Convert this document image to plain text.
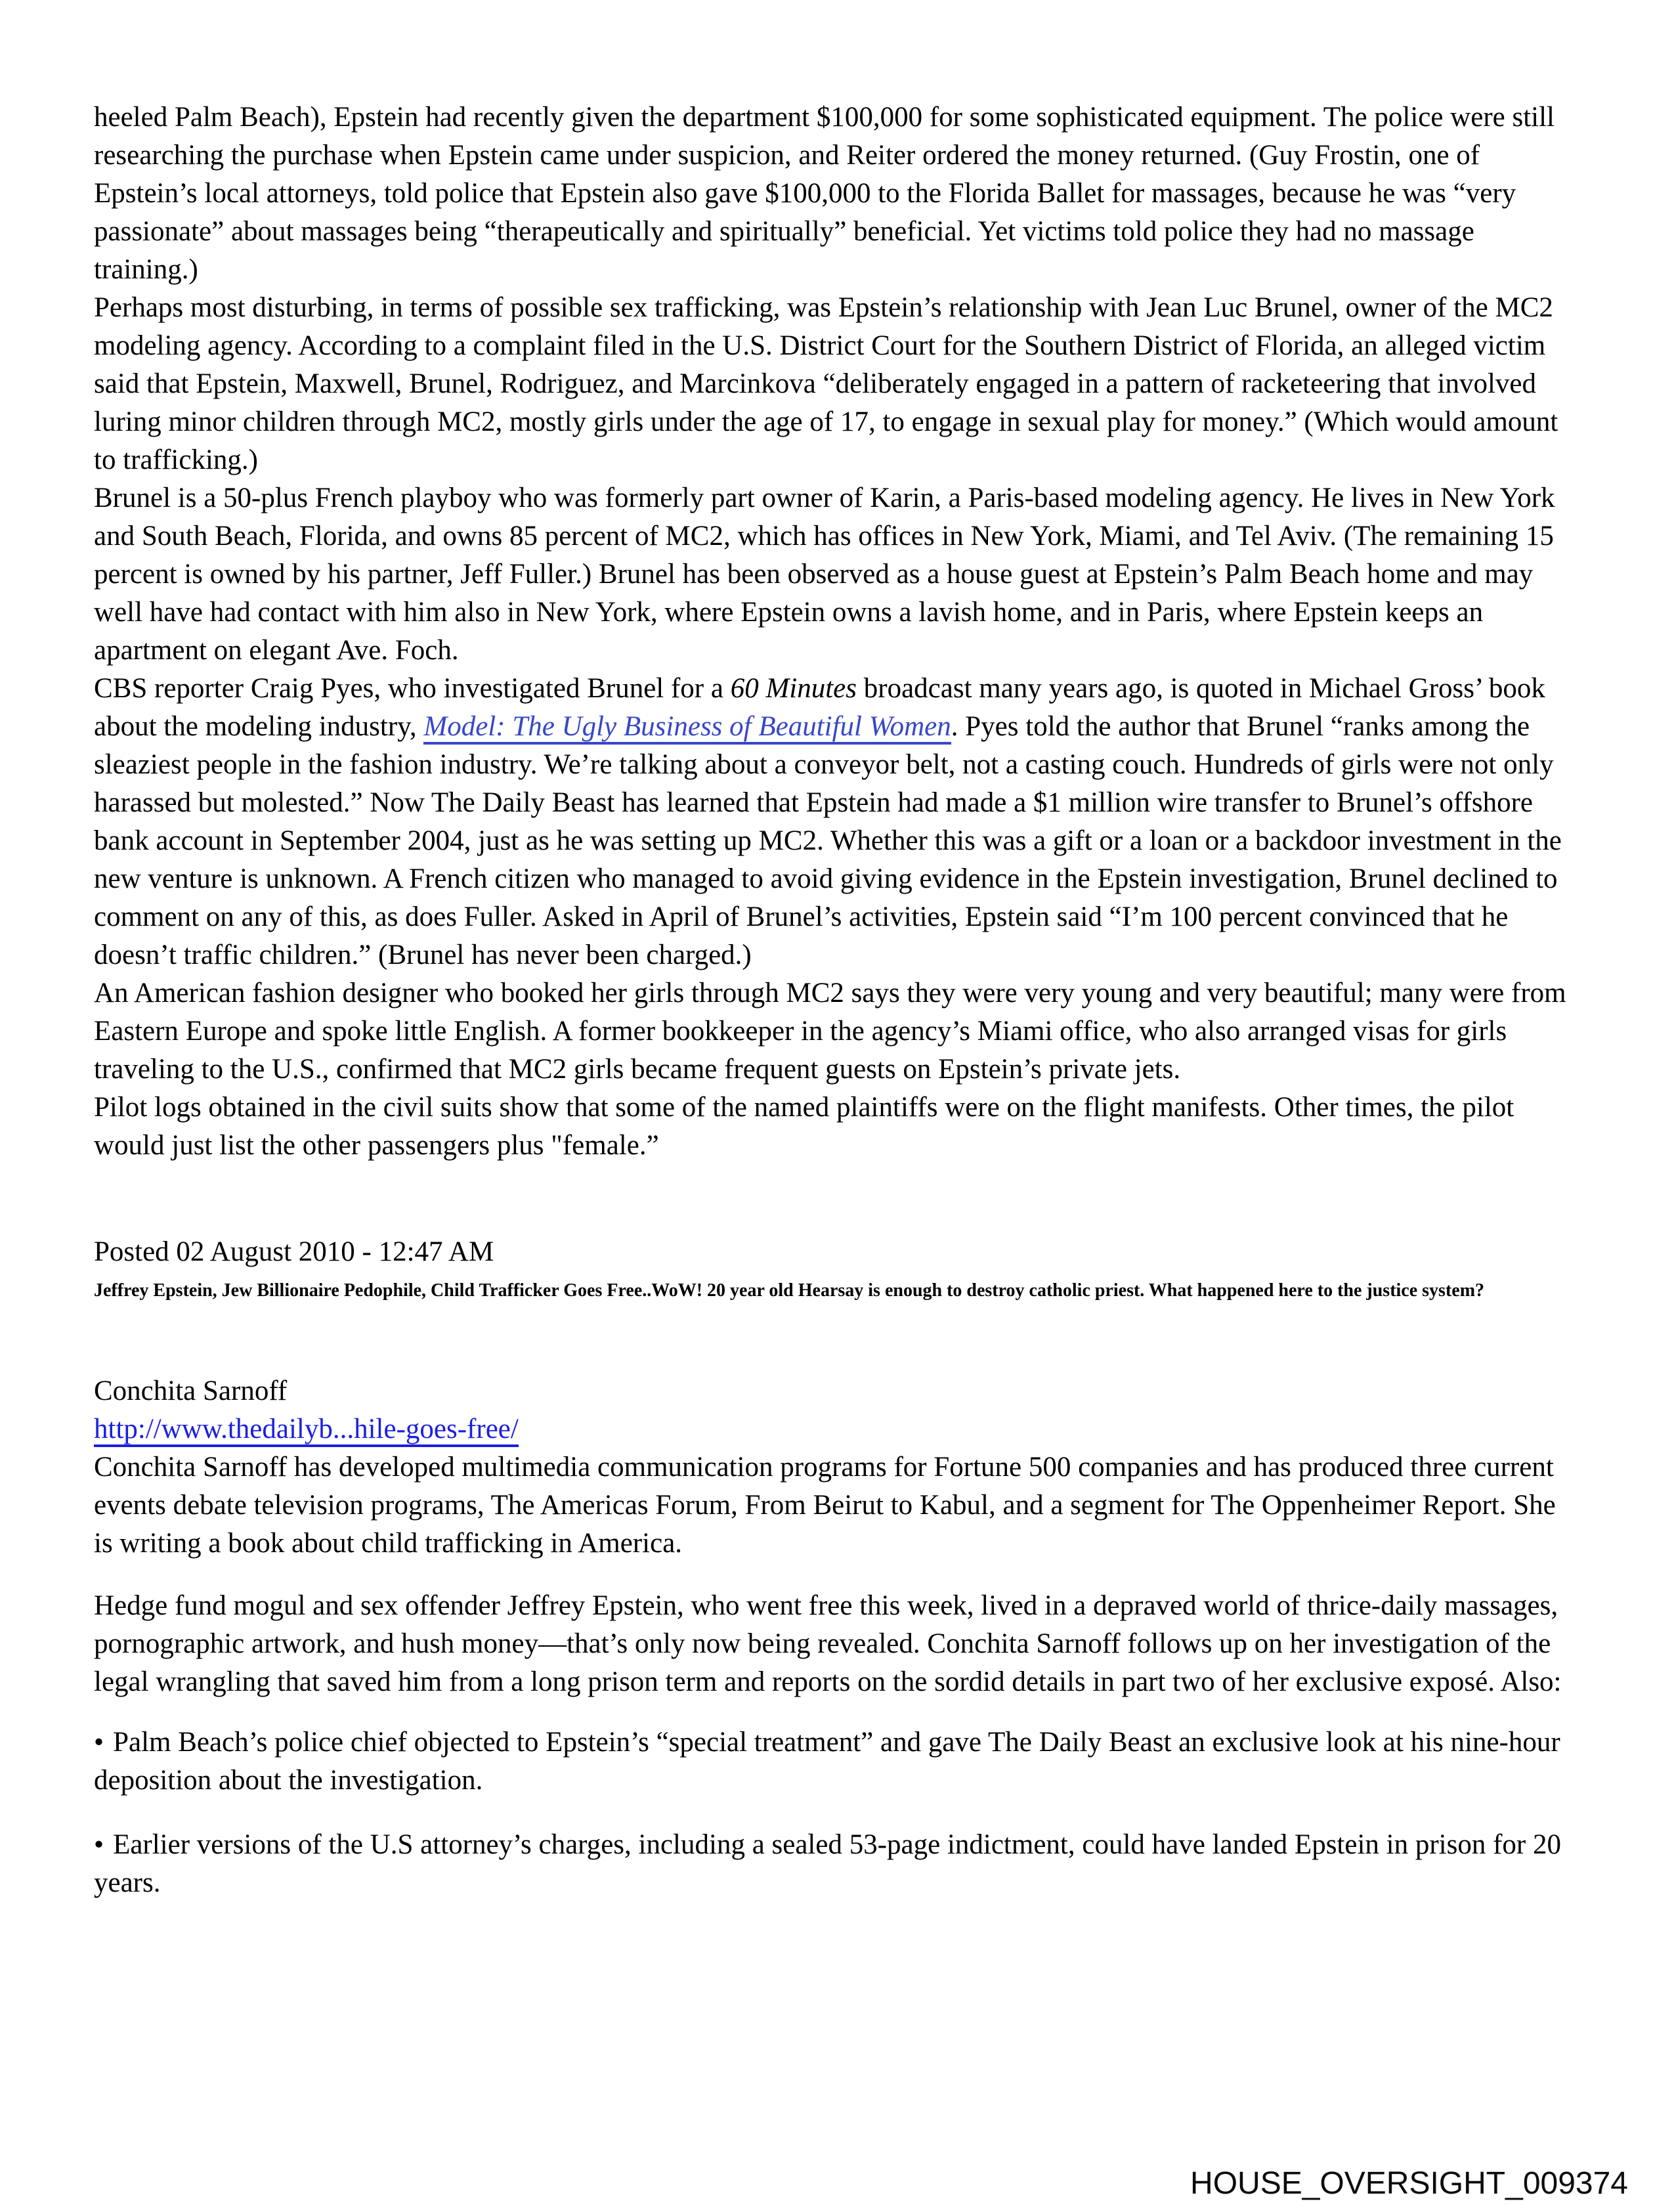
heeled Palm Beach), Epstein had recently given the department $100,000 for some sophisticated equipment. The police were still researching the purchase when Epstein came under suspicion, and Reiter ordered the money returned. (Guy Frostin, one of Epstein’s local attorneys, told police that Epstein also gave $100,000 to the Florida Ballet for massages, because he was “very passionate” about massages being “therapeutically and spiritually” beneficial. Yet victims told police they had no massage training.)

Perhaps most disturbing, in terms of possible sex trafficking, was Epstein’s relationship with Jean Luc Brunel, owner of the MC2 modeling agency. According to a complaint filed in the U.S. District Court for the Southern District of Florida, an alleged victim said that Epstein, Maxwell, Brunel, Rodriguez, and Marcinkova “deliberately engaged in a pattern of racketeering that involved luring minor children through MC2, mostly girls under the age of 17, to engage in sexual play for money.” (Which would amount to trafficking.)

Brunel is a 50-plus French playboy who was formerly part owner of Karin, a Paris-based modeling agency. He lives in New York and South Beach, Florida, and owns 85 percent of MC2, which has offices in New York, Miami, and Tel Aviv. (The remaining 15 percent is owned by his partner, Jeff Fuller.) Brunel has been observed as a house guest at Epstein’s Palm Beach home and may well have had contact with him also in New York, where Epstein owns a lavish home, and in Paris, where Epstein keeps an apartment on elegant Ave. Foch.

CBS reporter Craig Pyes, who investigated Brunel for a 60 Minutes broadcast many years ago, is quoted in Michael Gross’ book about the modeling industry, Model: The Ugly Business of Beautiful Women. Pyes told the author that Brunel “ranks among the sleaziest people in the fashion industry. We’re talking about a conveyor belt, not a casting couch. Hundreds of girls were not only harassed but molested.” Now The Daily Beast has learned that Epstein had made a $1 million wire transfer to Brunel’s offshore bank account in September 2004, just as he was setting up MC2. Whether this was a gift or a loan or a backdoor investment in the new venture is unknown. A French citizen who managed to avoid giving evidence in the Epstein investigation, Brunel declined to comment on any of this, as does Fuller. Asked in April of Brunel’s activities, Epstein said “I’m 100 percent convinced that he doesn’t traffic children.” (Brunel has never been charged.)

An American fashion designer who booked her girls through MC2 says they were very young and very beautiful; many were from Eastern Europe and spoke little English. A former bookkeeper in the agency’s Miami office, who also arranged visas for girls traveling to the U.S., confirmed that MC2 girls became frequent guests on Epstein’s private jets.

Pilot logs obtained in the civil suits show that some of the named plaintiffs were on the flight manifests. Other times, the pilot would just list the other passengers plus "female.”

Posted 02 August 2010 - 12:47 AM
Jeffrey Epstein, Jew Billionaire Pedophile, Child Trafficker Goes Free..WoW! 20 year old Hearsay is enough to destroy catholic priest. What happened here to the justice system?
Conchita Sarnoff
http://www.thedailyb...hile-goes-free/
Conchita Sarnoff has developed multimedia communication programs for Fortune 500 companies and has produced three current events debate television programs, The Americas Forum, From Beirut to Kabul, and a segment for The Oppenheimer Report. She is writing a book about child trafficking in America.
Hedge fund mogul and sex offender Jeffrey Epstein, who went free this week, lived in a depraved world of thrice-daily massages, pornographic artwork, and hush money—that’s only now being revealed. Conchita Sarnoff follows up on her investigation of the legal wrangling that saved him from a long prison term and reports on the sordid details in part two of her exclusive exposé. Also:
• Palm Beach’s police chief objected to Epstein’s “special treatment” and gave The Daily Beast an exclusive look at his nine-hour deposition about the investigation.
• Earlier versions of the U.S attorney’s charges, including a sealed 53-page indictment, could have landed Epstein in prison for 20 years.
HOUSE_OVERSIGHT_009374
